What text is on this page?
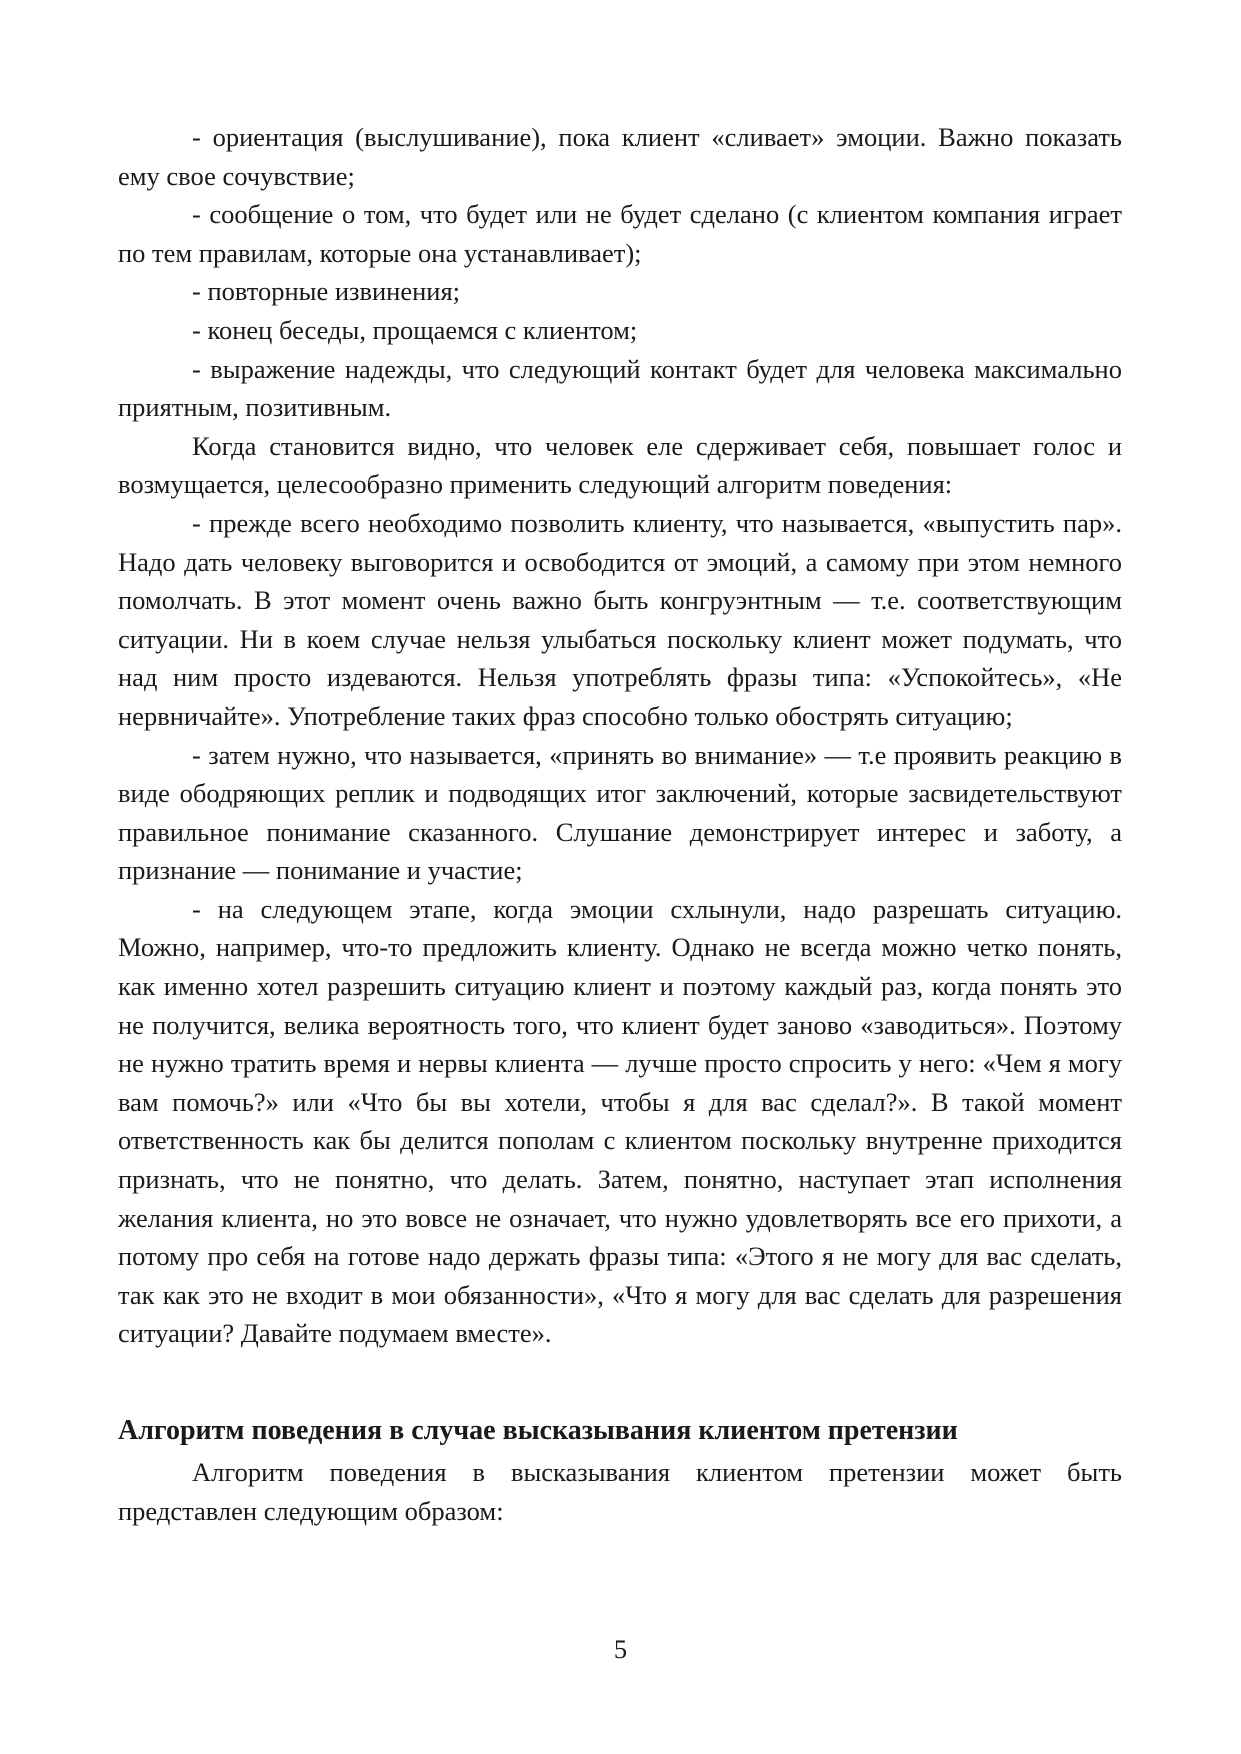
- ориентация (выслушивание), пока клиент «сливает» эмоции. Важно показать ему свое сочувствие;

- сообщение о том, что будет или не будет сделано (с клиентом компания играет по тем правилам, которые она устанавливает);

- повторные извинения;

- конец беседы, прощаемся с клиентом;

- выражение надежды, что следующий контакт будет для человека максимально приятным, позитивным.

Когда становится видно, что человек еле сдерживает себя, повышает голос и возмущается, целесообразно применить следующий алгоритм поведения:

- прежде всего необходимо позволить клиенту, что называется, «выпустить пар». Надо дать человеку выговорится и освободится от эмоций, а самому при этом немного помолчать. В этот момент очень важно быть конгруэнтным — т.е. соответствующим ситуации. Ни в коем случае нельзя улыбаться поскольку клиент может подумать, что над ним просто издеваются. Нельзя употреблять фразы типа: «Успокойтесь», «Не нервничайте». Употребление таких фраз способно только обострять ситуацию;

- затем нужно, что называется, «принять во внимание» — т.е проявить реакцию в виде ободряющих реплик и подводящих итог заключений, которые засвидетельствуют правильное понимание сказанного. Слушание демонстрирует интерес и заботу, а признание — понимание и участие;

- на следующем этапе, когда эмоции схлынули, надо разрешать ситуацию. Можно, например, что-то предложить клиенту. Однако не всегда можно четко понять, как именно хотел разрешить ситуацию клиент и поэтому каждый раз, когда понять это не получится, велика вероятность того, что клиент будет заново «заводиться». Поэтому не нужно тратить время и нервы клиента — лучше просто спросить у него: «Чем я могу вам помочь?» или «Что бы вы хотели, чтобы я для вас сделал?». В такой момент ответственность как бы делится пополам с клиентом поскольку внутренне приходится признать, что не понятно, что делать. Затем, понятно, наступает этап исполнения желания клиента, но это вовсе не означает, что нужно удовлетворять все его прихоти, а потому про себя на готове надо держать фразы типа: «Этого я не могу для вас сделать, так как это не входит в мои обязанности», «Что я могу для вас сделать для разрешения ситуации? Давайте подумаем вместе».

Алгоритм поведения в случае высказывания клиентом претензии

Алгоритм поведения в высказывания клиентом претензии может быть представлен следующим образом:

5
